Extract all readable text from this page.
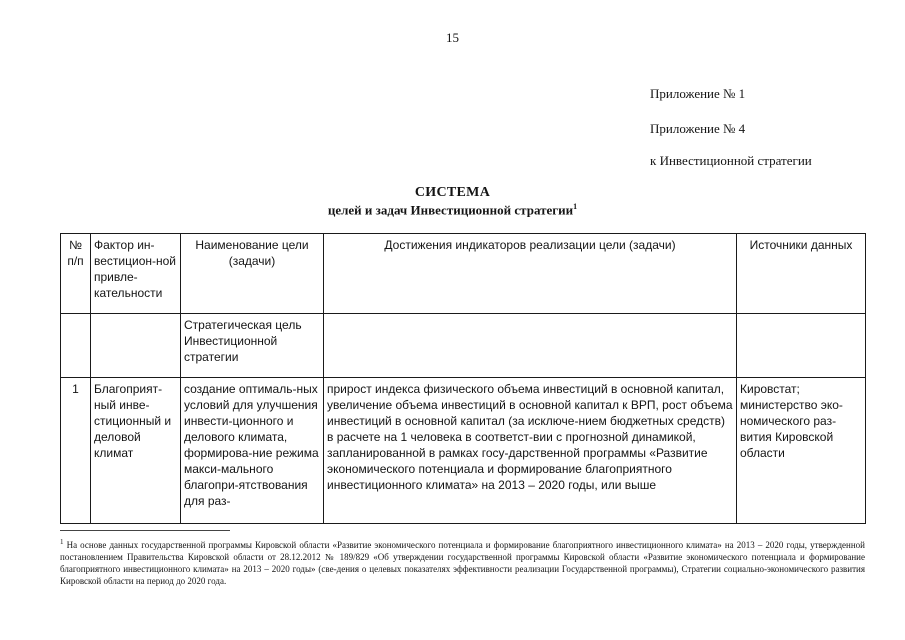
15
Приложение № 1
Приложение № 4
к Инвестиционной стратегии
СИСТЕМА
целей и задач Инвестиционной стратегии$^1$
№ п/п	Фактор ин-вестицион-ной привле-кательности	Наименование цели (задачи)	Достижения индикаторов реализации цели (задачи)	Источники данных
		Стратегическая цель Инвестиционной стратегии		
1	Благоприят-ный инве-стиционный и деловой климат	создание оптималь-ных условий для улучшения инвести-ционного и делового климата, формирова-ние режима макси-мального благопри-ятствования для раз-	прирост индекса физического объема инвестиций в основной капитал, увеличение объема инвестиций в основной капитал к ВРП, рост объема инвестиций в основной капитал (за исключе-нием бюджетных средств) в расчете на 1 человека в соответст-вии с прогнозной динамикой, запланированной в рамках госу-дарственной программы «Развитие экономического потенциала и формирование благоприятного инвестиционного климата» на 2013 – 2020 годы, или выше	Кировстат; министерство эко-номического раз-вития Кировской области
$^1$ На основе данных государственной программы Кировской области «Развитие экономического потенциала и формирование благоприятного инвестиционного климата» на 2013 – 2020 годы, утвержденной постановлением Правительства Кировской области от 28.12.2012 № 189/829 «Об утверждении государственной программы Кировской области «Развитие экономического потенциала и формирование благоприятного инвестиционного климата» на 2013 – 2020 годы» (све-дения о целевых показателях эффективности реализации Государственной программы), Стратегии социально-экономического развития Кировской области на период до 2020 года.
